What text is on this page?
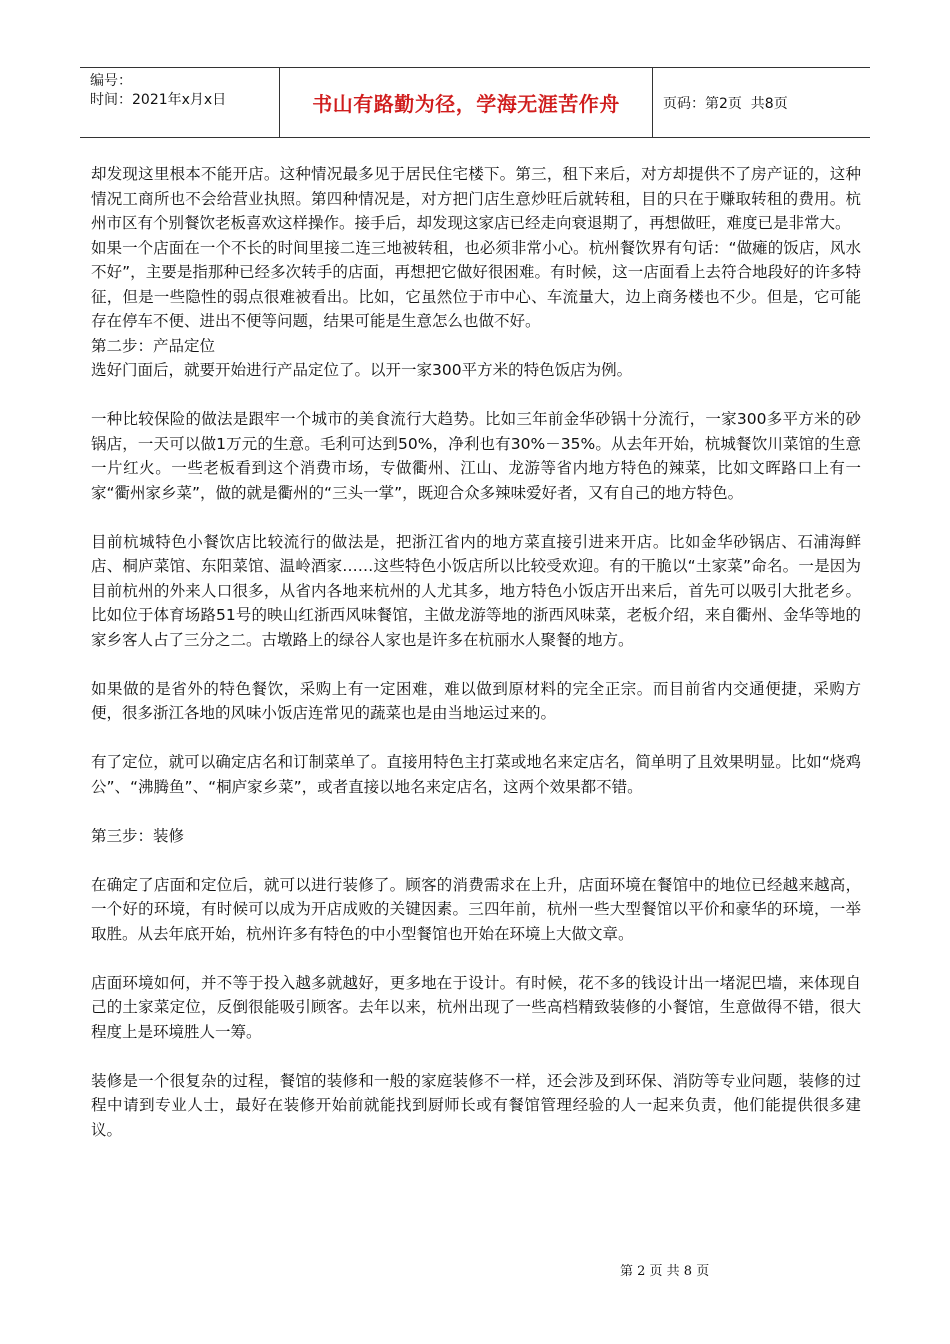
编号：
时间：2021年x月x日	书山有路勤为径，学海无涯苦作舟	页码：第2页  共8页

却发现这里根本不能开店。这种情况最多见于居民住宅楼下。第三，租下来后，对方却提供不了房产证的，这种情况工商所也不会给营业执照。第四种情况是，对方把门店生意炒旺后就转租，目的只在于赚取转租的费用。杭州市区有个别餐饮老板喜欢这样操作。接手后，却发现这家店已经走向衰退期了，再想做旺，难度已是非常大。

如果一个店面在一个不长的时间里接二连三地被转租，也必须非常小心。杭州餐饮界有句话：“做瘫的饭店，风水不好”，主要是指那种已经多次转手的店面，再想把它做好很困难。有时候，这一店面看上去符合地段好的许多特征，但是一些隐性的弱点很难被看出。比如，它虽然位于市中心、车流量大，边上商务楼也不少。但是，它可能存在停车不便、进出不便等问题，结果可能是生意怎么也做不好。

第二步：产品定位

选好门面后，就要开始进行产品定位了。以开一家300平方米的特色饭店为例。

一种比较保险的做法是跟牢一个城市的美食流行大趋势。比如三年前金华砂锅十分流行，一家300多平方米的砂锅店，一天可以做1万元的生意。毛利可达到50%，净利也有30%－35%。从去年开始，杭城餐饮川菜馆的生意一片红火。一些老板看到这个消费市场，专做衢州、江山、龙游等省内地方特色的辣菜，比如文晖路口上有一家“衢州家乡菜”，做的就是衢州的“三头一掌”，既迎合众多辣味爱好者，又有自己的地方特色。

目前杭城特色小餐饮店比较流行的做法是，把浙江省内的地方菜直接引进来开店。比如金华砂锅店、石浦海鲜店、桐庐菜馆、东阳菜馆、温岭酒家……这些特色小饭店所以比较受欢迎。有的干脆以“土家菜”命名。一是因为目前杭州的外来人口很多，从省内各地来杭州的人尤其多，地方特色小饭店开出来后，首先可以吸引大批老乡。比如位于体育场路51号的映山红浙西风味餐馆，主做龙游等地的浙西风味菜，老板介绍，来自衢州、金华等地的家乡客人占了三分之二。古墩路上的绿谷人家也是许多在杭丽水人聚餐的地方。

如果做的是省外的特色餐饮，采购上有一定困难，难以做到原材料的完全正宗。而目前省内交通便捷，采购方便，很多浙江各地的风味小饭店连常见的蔬菜也是由当地运过来的。

有了定位，就可以确定店名和订制菜单了。直接用特色主打菜或地名来定店名，简单明了且效果明显。比如“烧鸡公”、“沸腾鱼”、“桐庐家乡菜”，或者直接以地名来定店名，这两个效果都不错。

第三步：装修

在确定了店面和定位后，就可以进行装修了。顾客的消费需求在上升，店面环境在餐馆中的地位已经越来越高，一个好的环境，有时候可以成为开店成败的关键因素。三四年前，杭州一些大型餐馆以平价和豪华的环境，一举取胜。从去年底开始，杭州许多有特色的中小型餐馆也开始在环境上大做文章。

店面环境如何，并不等于投入越多就越好，更多地在于设计。有时候，花不多的钱设计出一堵泥巴墙，来体现自己的土家菜定位，反倒很能吸引顾客。去年以来，杭州出现了一些高档精致装修的小餐馆，生意做得不错，很大程度上是环境胜人一筹。

装修是一个很复杂的过程，餐馆的装修和一般的家庭装修不一样，还会涉及到环保、消防等专业问题，装修的过程中请到专业人士，最好在装修开始前就能找到厨师长或有餐馆管理经验的人一起来负责，他们能提供很多建议。

第 2 页 共 8 页
